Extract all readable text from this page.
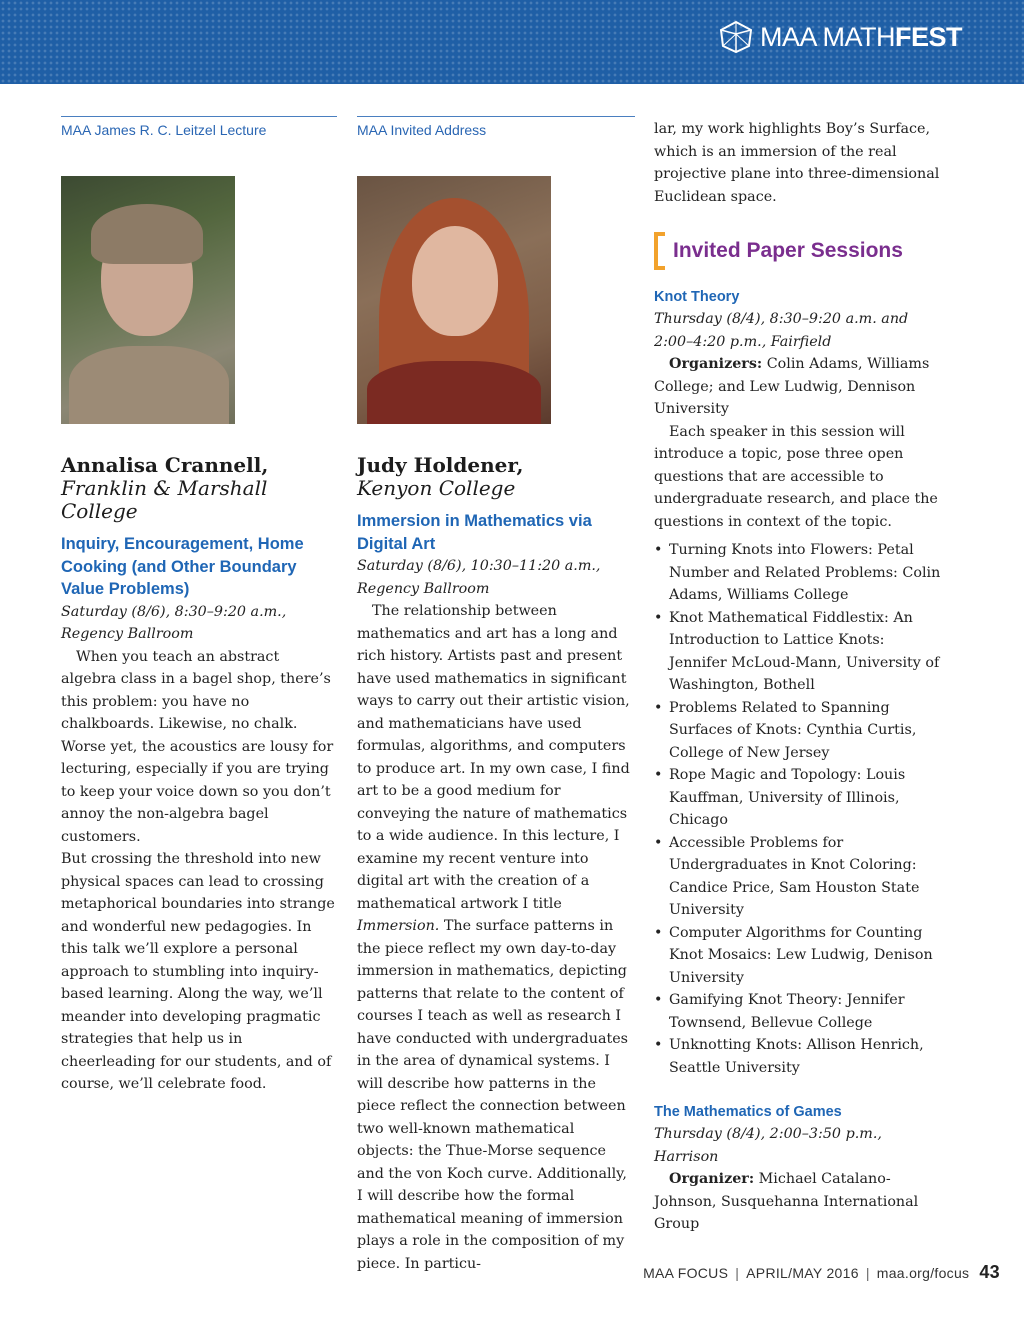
MAA MATHFEST
MAA James R. C. Leitzel Lecture
Annalisa Crannell, Franklin & Marshall College
Inquiry, Encouragement, Home Cooking (and Other Boundary Value Problems)
Saturday (8/6), 8:30–9:20 a.m.,
Regency Ballroom

When you teach an abstract algebra class in a bagel shop, there’s this problem: you have no chalkboards. Likewise, no chalk. Worse yet, the acoustics are lousy for lecturing, especially if you are trying to keep your voice down so you don’t annoy the non-algebra bagel customers.

But crossing the threshold into new physical spaces can lead to crossing metaphorical boundaries into strange and wonderful new pedagogies. In this talk we’ll explore a personal approach to stumbling into inquiry-based learning. Along the way, we’ll meander into developing pragmatic strategies that help us in cheerleading for our students, and of course, we’ll celebrate food.

MAA Invited Address
Judy Holdener,
Kenyon College
Immersion in Mathematics via Digital Art
Saturday (8/6), 10:30–11:20 a.m.,
Regency Ballroom

The relationship between mathematics and art has a long and rich history. Artists past and present have used mathematics in significant ways to carry out their artistic vision, and mathematicians have used formulas, algorithms, and computers to produce art. In my own case, I find art to be a good medium for conveying the nature of mathematics to a wide audience. In this lecture, I examine my recent venture into digital art with the creation of a mathematical artwork I title Immersion. The surface patterns in the piece reflect my own day-to-day immersion in mathematics, depicting patterns that relate to the content of courses I teach as well as research I have conducted with undergraduates in the area of dynamical systems. I will describe how patterns in the piece reflect the connection between two well-known mathematical objects: the Thue-Morse sequence and the von Koch curve. Additionally, I will describe how the formal mathematical meaning of immersion plays a role in the composition of my piece. In particu-

lar, my work highlights Boy’s Surface, which is an immersion of the real projective plane into three-dimensional Euclidean space.

Invited Paper Sessions
Knot Theory
Thursday (8/4), 8:30–9:20 a.m. and 2:00–4:20 p.m., Fairfield

Organizers: Colin Adams, Williams College; and Lew Ludwig, Dennison University

Each speaker in this session will introduce a topic, pose three open questions that are accessible to undergraduate research, and place the questions in context of the topic.

• Turning Knots into Flowers: Petal Number and Related Problems: Colin Adams, Williams College
• Knot Mathematical Fiddlestix: An Introduction to Lattice Knots: Jennifer McLoud-Mann, University of Washington, Bothell
• Problems Related to Spanning Surfaces of Knots: Cynthia Curtis, College of New Jersey
• Rope Magic and Topology: Louis Kauffman, University of Illinois, Chicago
• Accessible Problems for Undergraduates in Knot Coloring: Candice Price, Sam Houston State University
• Computer Algorithms for Counting Knot Mosaics: Lew Ludwig, Denison University
• Gamifying Knot Theory: Jennifer Townsend, Bellevue College
• Unknotting Knots: Allison Henrich, Seattle University
The Mathematics of Games
Thursday (8/4), 2:00–3:50 p.m., Harrison

Organizer: Michael Catalano-Johnson, Susquehanna International Group

MAA FOCUS | APRIL/MAY 2016 | maa.org/focus 43
